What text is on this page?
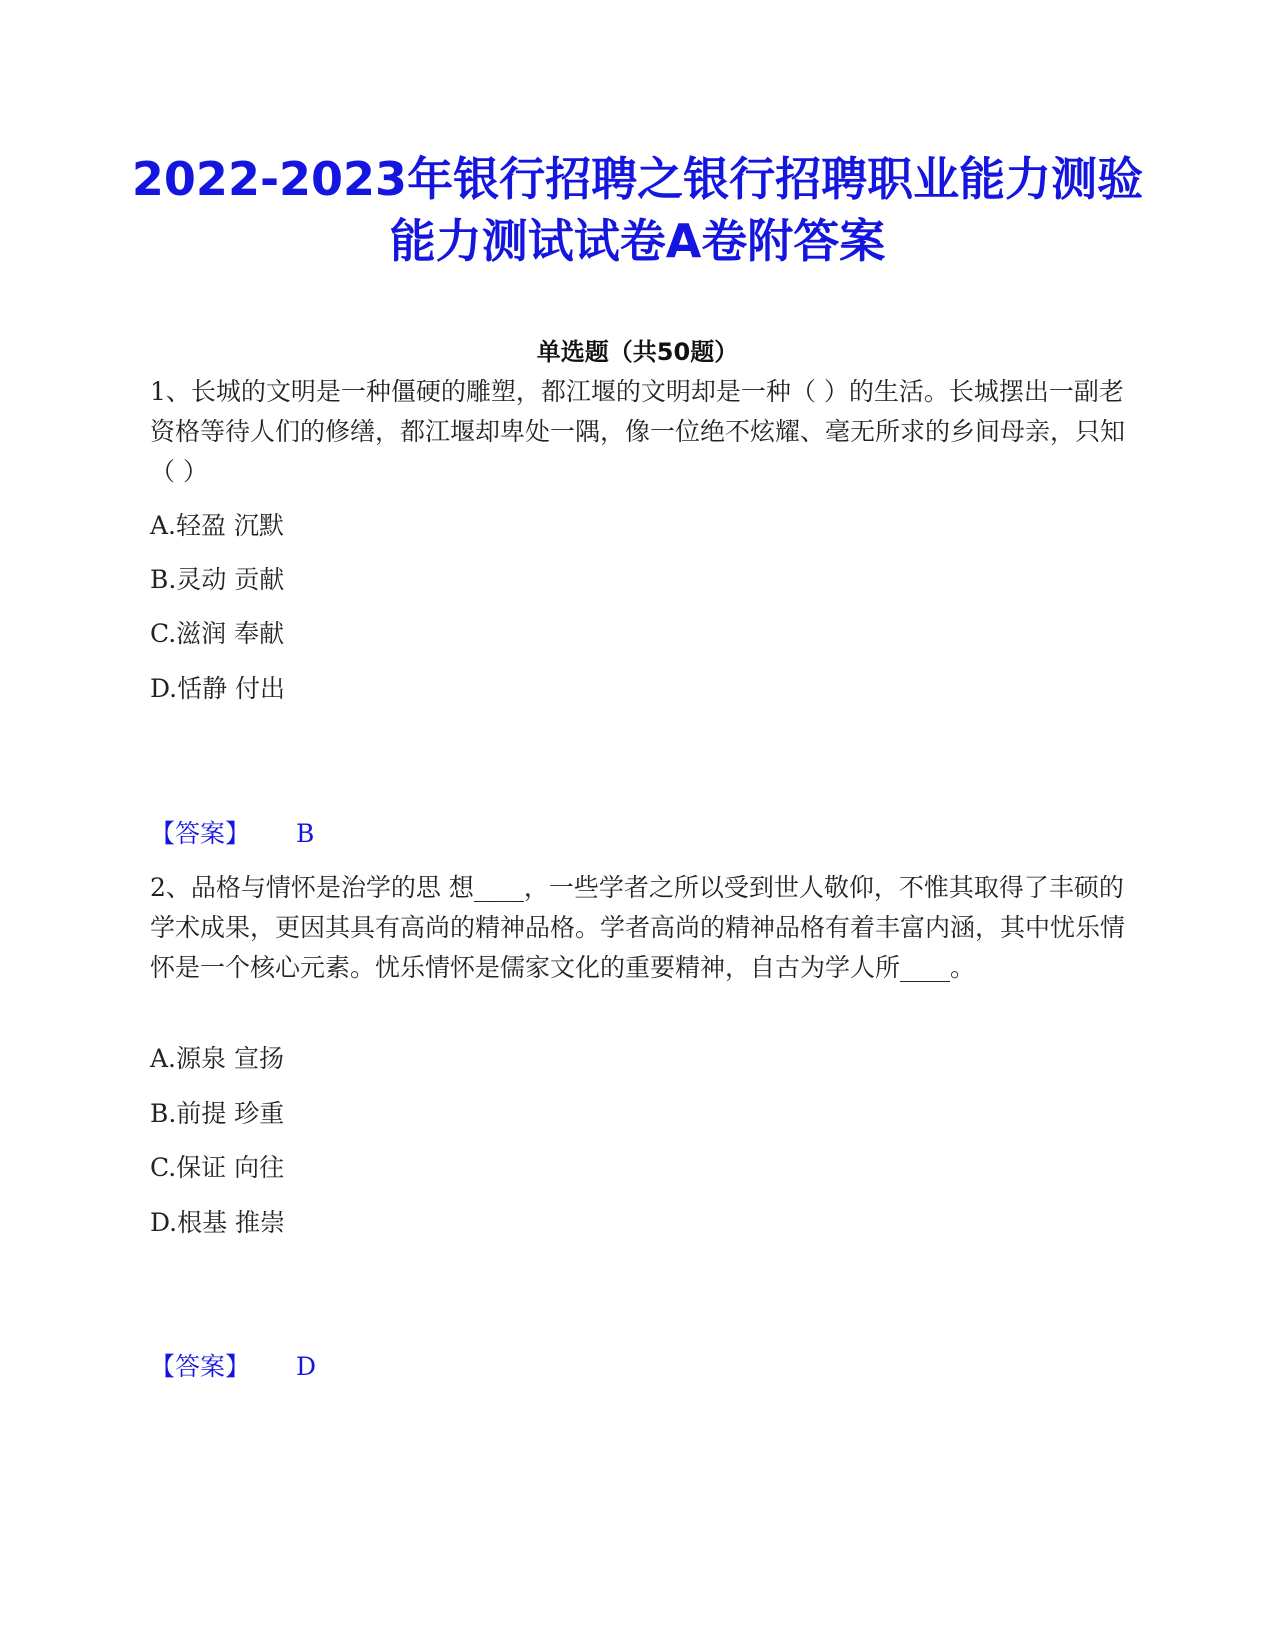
2022-2023年银行招聘之银行招聘职业能力测验能力测试试卷A卷附答案
单选题（共50题）

1、长城的文明是一种僵硬的雕塑，都江堰的文明却是一种（ ）的生活。长城摆出一副老资格等待人们的修缮，都江堰却卑处一隅，像一位绝不炫耀、毫无所求的乡间母亲，只知（ ）

A.轻盈 沉默
B.灵动 贡献
C.滋润 奉献
D.恬静 付出
【答案】 B

2、品格与情怀是治学的思 想____，一些学者之所以受到世人敬仰，不惟其取得了丰硕的学术成果，更因其具有高尚的精神品格。学者高尚的精神品格有着丰富内涵，其中忧乐情怀是一个核心元素。忧乐情怀是儒家文化的重要精神，自古为学人所____。

A.源泉 宣扬
B.前提 珍重
C.保证 向往
D.根基 推崇
【答案】 D
